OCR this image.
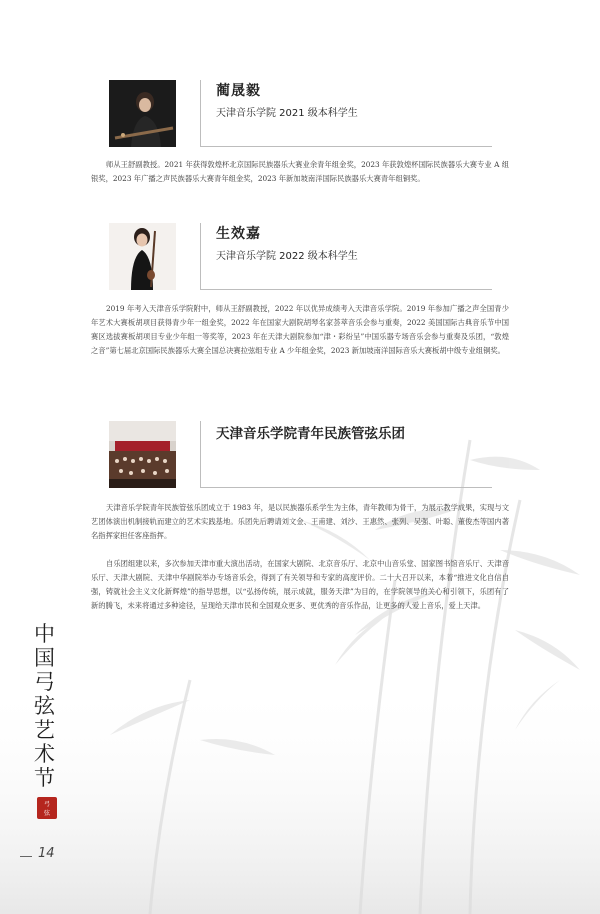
蔺晟毅
天津音乐学院 2021 级本科学生
师从王舒副教授。2021 年获得敦煌杯北京国际民族器乐大赛业余青年组金奖，2023 年获敦煌杯国际民族器乐大赛专业 A 组银奖，2023 年广播之声民族器乐大赛青年组金奖，2023 年新加坡南洋国际民族器乐大赛青年组铜奖。
生效嘉
天津音乐学院 2022 级本科学生
2019 年考入天津音乐学院附中，师从王舒副教授，2022 年以优异成绩考入天津音乐学院。2019 年参加广播之声全国青少年艺术大赛板胡项目获得青少年一组金奖，2022 年在国家大剧院胡琴名家荟萃音乐会参与重奏，2022 美国国际古典音乐节中国赛区选拔赛板胡项目专业少年组一等奖等，2023 年在天津大剧院参加“津・彩纷呈”中国乐器专场音乐会参与重奏及乐团，“敦煌之音”第七届北京国际民族器乐大赛全国总决赛拉弦组专业 A 少年组金奖，2023 新加坡南洋国际音乐大赛板胡中级专业组铜奖。
天津音乐学院青年民族管弦乐团
天津音乐学院青年民族管弦乐团成立于 1983 年，是以民族器乐系学生为主体，青年教师为骨干，为展示教学成果，实现与文艺团体演出机制接轨而建立的艺术实践基地。乐团先后聘请刘文金、王甫建、刘沙、王惠然、张列、吴强、叶聪、董俊杰等国内著名指挥家担任客座指挥。
自乐团组建以来，多次参加天津市重大演出活动，在国家大剧院、北京音乐厅、北京中山音乐堂、国家图书馆音乐厅、天津音乐厅、天津大剧院、天津中华剧院举办专场音乐会，得到了有关领导和专家的高度评价。二十大召开以来，本着“推进文化自信自强，铸就社会主义文化新辉煌”的指导思想，以“弘扬传统，展示成就，服务天津”为目的，在学院领导的关心和引领下，乐团有了新的腾飞，未来将通过多种途径，呈现给天津市民和全国观众更多、更优秀的音乐作品，让更多的人爱上音乐，爱上天津。
中
国
弓
弦
艺
术
节
弓
弦
14
